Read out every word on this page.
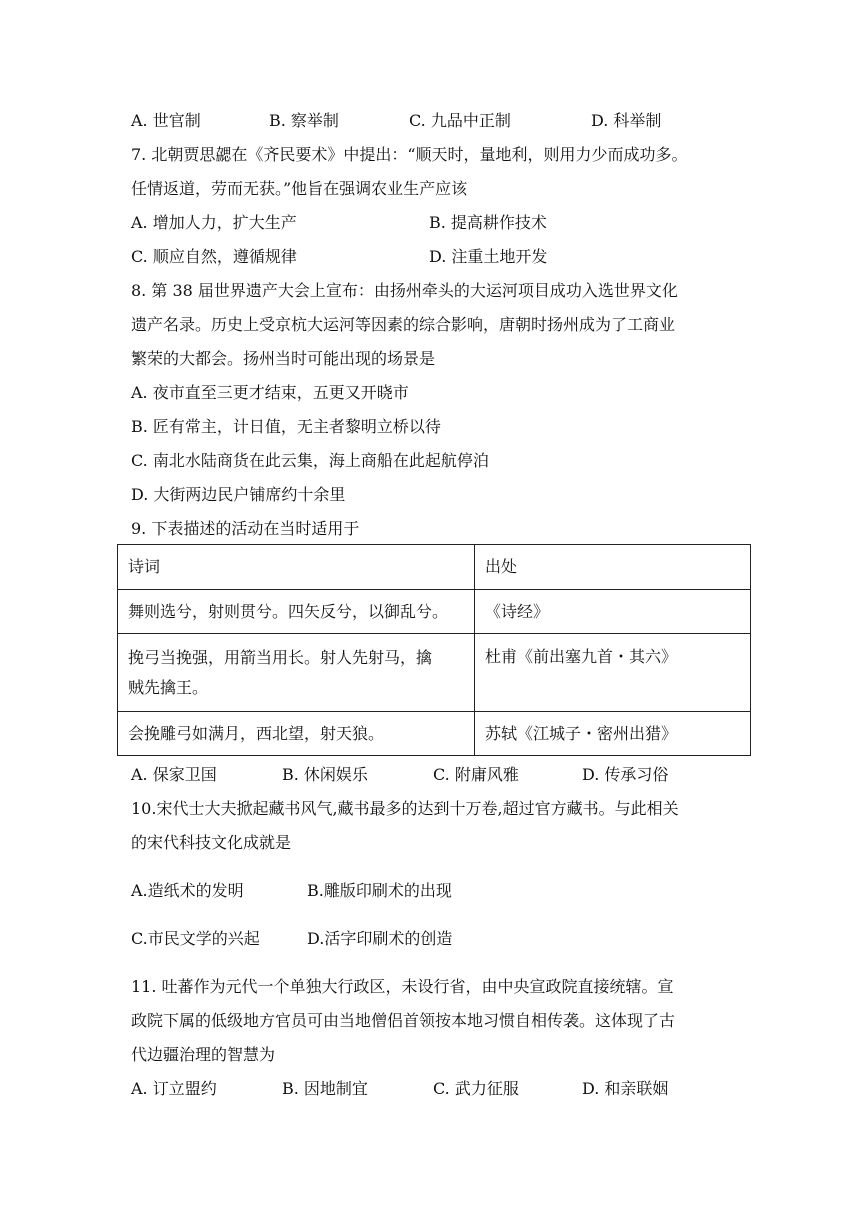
A. 世官制	B. 察举制	C. 九品中正制	D. 科举制
7. 北朝贾思勰在《齐民要术》中提出：“顺天时，量地利，则用力少而成功多。
任情返道，劳而无获。”他旨在强调农业生产应该
A. 增加人力，扩大生产	B. 提高耕作技术
C. 顺应自然，遵循规律	D. 注重土地开发
8. 第 38 届世界遗产大会上宣布：由扬州牵头的大运河项目成功入选世界文化
遗产名录。历史上受京杭大运河等因素的综合影响，唐朝时扬州成为了工商业
繁荣的大都会。扬州当时可能出现的场景是
A. 夜市直至三更才结束，五更又开晓市
B. 匠有常主，计日值，无主者黎明立桥以待
C. 南北水陆商货在此云集，海上商船在此起航停泊
D. 大街两边民户铺席约十余里
9. 下表描述的活动在当时适用于
诗词	出处
舞则选兮，射则贯兮。四矢反兮，以御乱兮。	《诗经》

挽弓当挽强，用箭当用长。射人先射马，擒
贼先擒王。	杜甫《前出塞九首・其六》
会挽雕弓如满月，西北望，射天狼。	苏轼《江城子・密州出猎》
A. 保家卫国	B. 休闲娱乐	C. 附庸风雅	D. 传承习俗
10.宋代士大夫掀起藏书风气,藏书最多的达到十万卷,超过官方藏书。与此相关
的宋代科技文化成就是
A.造纸术的发明	B.雕版印刷术的出现
C.市民文学的兴起	D.活字印刷术的创造
11. 吐蕃作为元代一个单独大行政区，未设行省，由中央宣政院直接统辖。宣
政院下属的低级地方官员可由当地僧侣首领按本地习惯自相传袭。这体现了古
代边疆治理的智慧为
A. 订立盟约	B. 因地制宜	C. 武力征服	D. 和亲联姻
